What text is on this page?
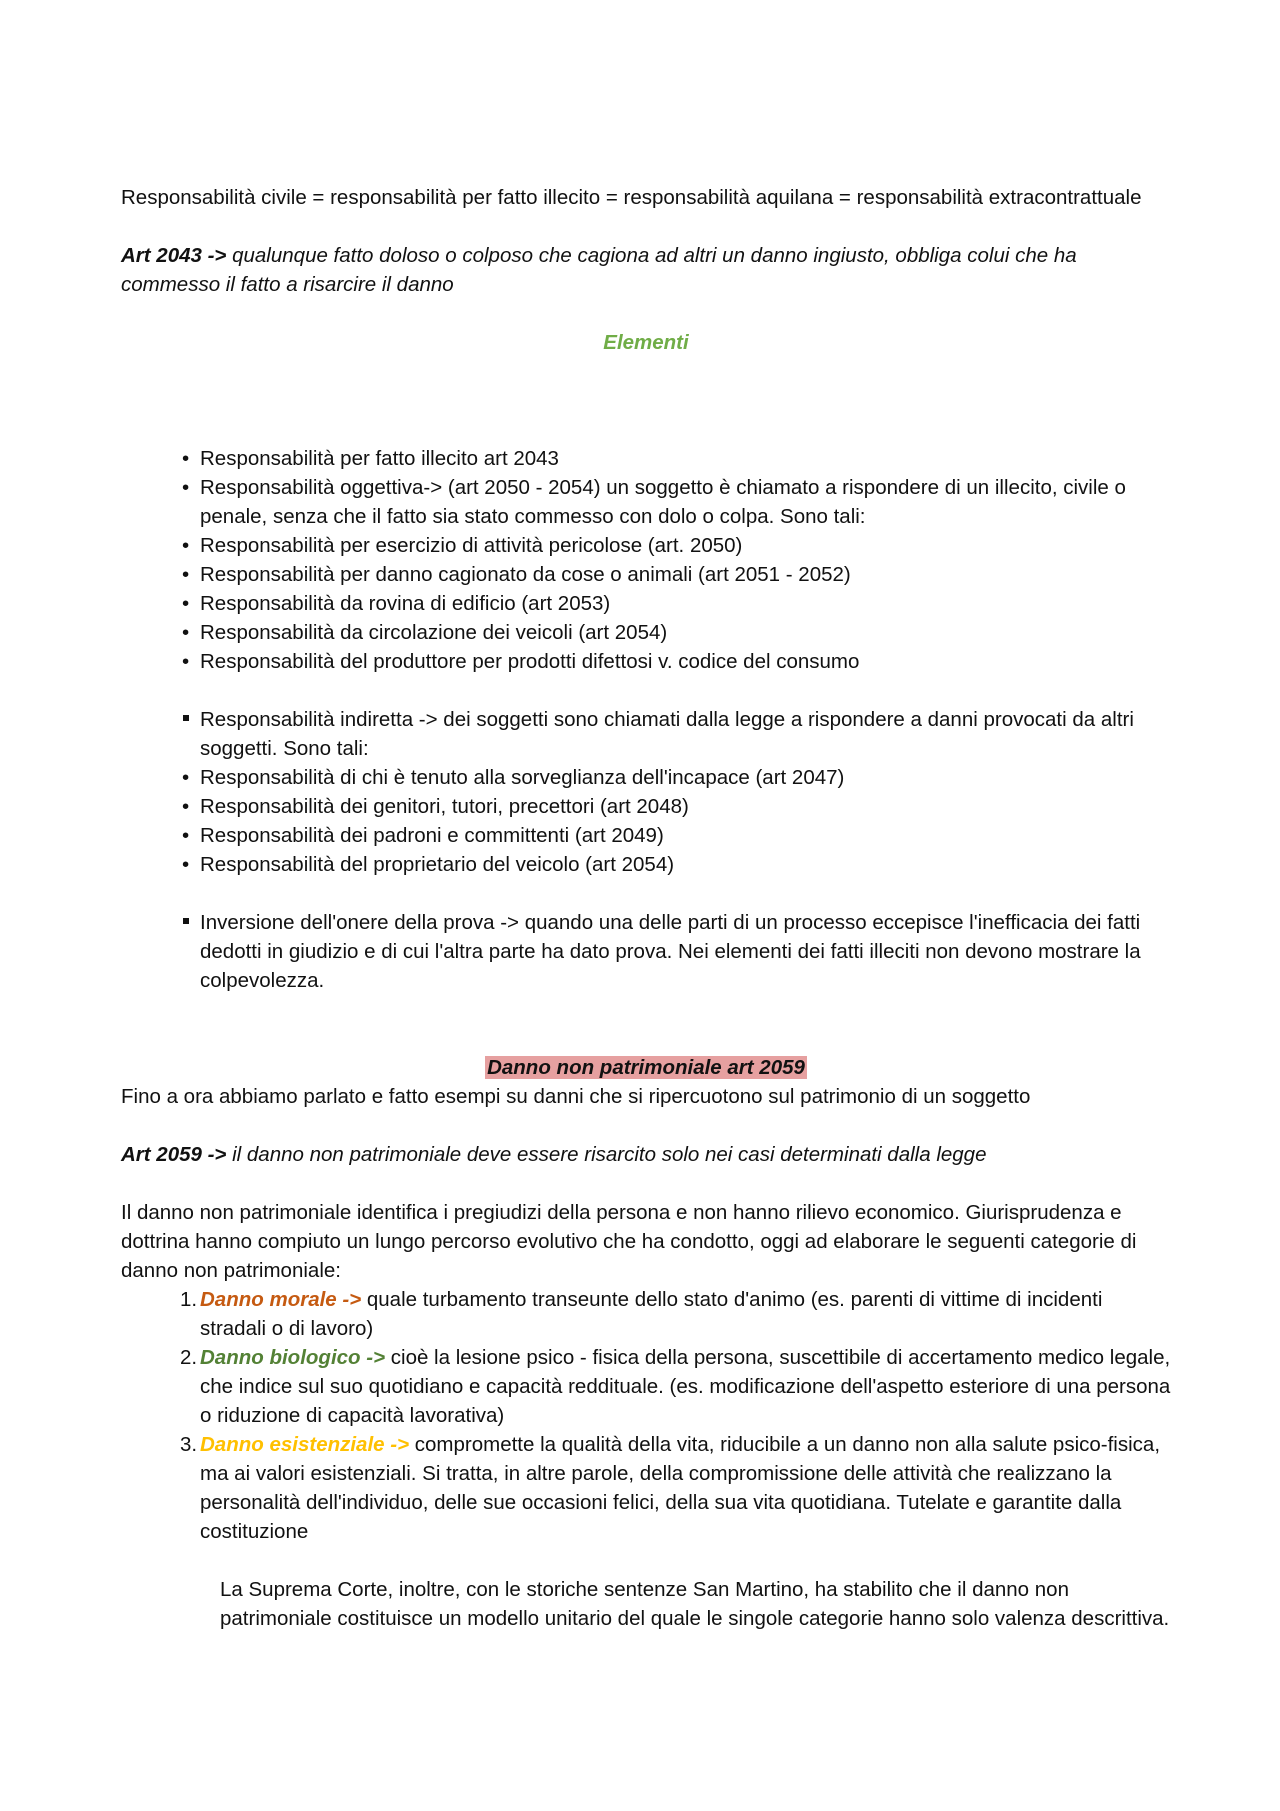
Responsabilità civile = responsabilità per fatto illecito = responsabilità aquilana = responsabilità extracontrattuale

Art 2043 -> qualunque fatto doloso o colposo che cagiona ad altri un danno ingiusto, obbliga colui che ha commesso il fatto a risarcire il danno

Elementi

•Responsabilità per fatto illecito art 2043
•Responsabilità oggettiva-> (art 2050 - 2054) un soggetto è chiamato a rispondere di un illecito, civile o penale, senza che il fatto sia stato commesso con dolo o colpa. Sono tali:
•Responsabilità per esercizio di attività pericolose (art. 2050)
•Responsabilità per danno cagionato da cose o animali (art 2051 - 2052)
•Responsabilità da rovina di edificio (art 2053)
•Responsabilità da circolazione dei veicoli (art 2054)
•Responsabilità del produttore per prodotti difettosi v. codice del consumo
Responsabilità indiretta -> dei soggetti sono chiamati dalla legge a rispondere a danni provocati da altri soggetti. Sono tali:
•Responsabilità di chi è tenuto alla sorveglianza dell'incapace (art 2047)
•Responsabilità dei genitori, tutori, precettori (art 2048)
•Responsabilità dei padroni e committenti (art 2049)
•Responsabilità del proprietario del veicolo (art 2054)
Inversione dell'onere della prova -> quando una delle parti di un processo eccepisce l'inefficacia dei fatti dedotti in giudizio e di cui l'altra parte ha dato prova. Nei elementi dei fatti illeciti non devono mostrare la colpevolezza.

Danno non patrimoniale art 2059

Fino a ora abbiamo parlato e fatto esempi su danni che si ripercuotono sul patrimonio di un soggetto

Art 2059 -> il danno non patrimoniale deve essere risarcito solo nei casi determinati dalla legge

Il danno non patrimoniale identifica i pregiudizi della persona e non hanno rilievo economico. Giurisprudenza e dottrina hanno compiuto un lungo percorso evolutivo che ha condotto, oggi ad elaborare le seguenti categorie di danno non patrimoniale:

1. Danno morale -> quale turbamento transeunte dello stato d'animo (es. parenti di vittime di incidenti stradali o di lavoro)
2. Danno biologico -> cioè la lesione psico - fisica della persona, suscettibile di accertamento medico legale, che indice sul suo quotidiano e capacità reddituale. (es. modificazione dell'aspetto esteriore di una persona o riduzione di capacità lavorativa)
3. Danno esistenziale -> compromette la qualità della vita, riducibile a un danno non alla salute psico-fisica, ma ai valori esistenziali. Si tratta, in altre parole, della compromissione delle attività che realizzano la personalità dell'individuo, delle sue occasioni felici, della sua vita quotidiana. Tutelate e garantite dalla costituzione

La Suprema Corte, inoltre, con le storiche sentenze San Martino, ha stabilito che il danno non patrimoniale costituisce un modello unitario del quale le singole categorie hanno solo valenza descrittiva.
